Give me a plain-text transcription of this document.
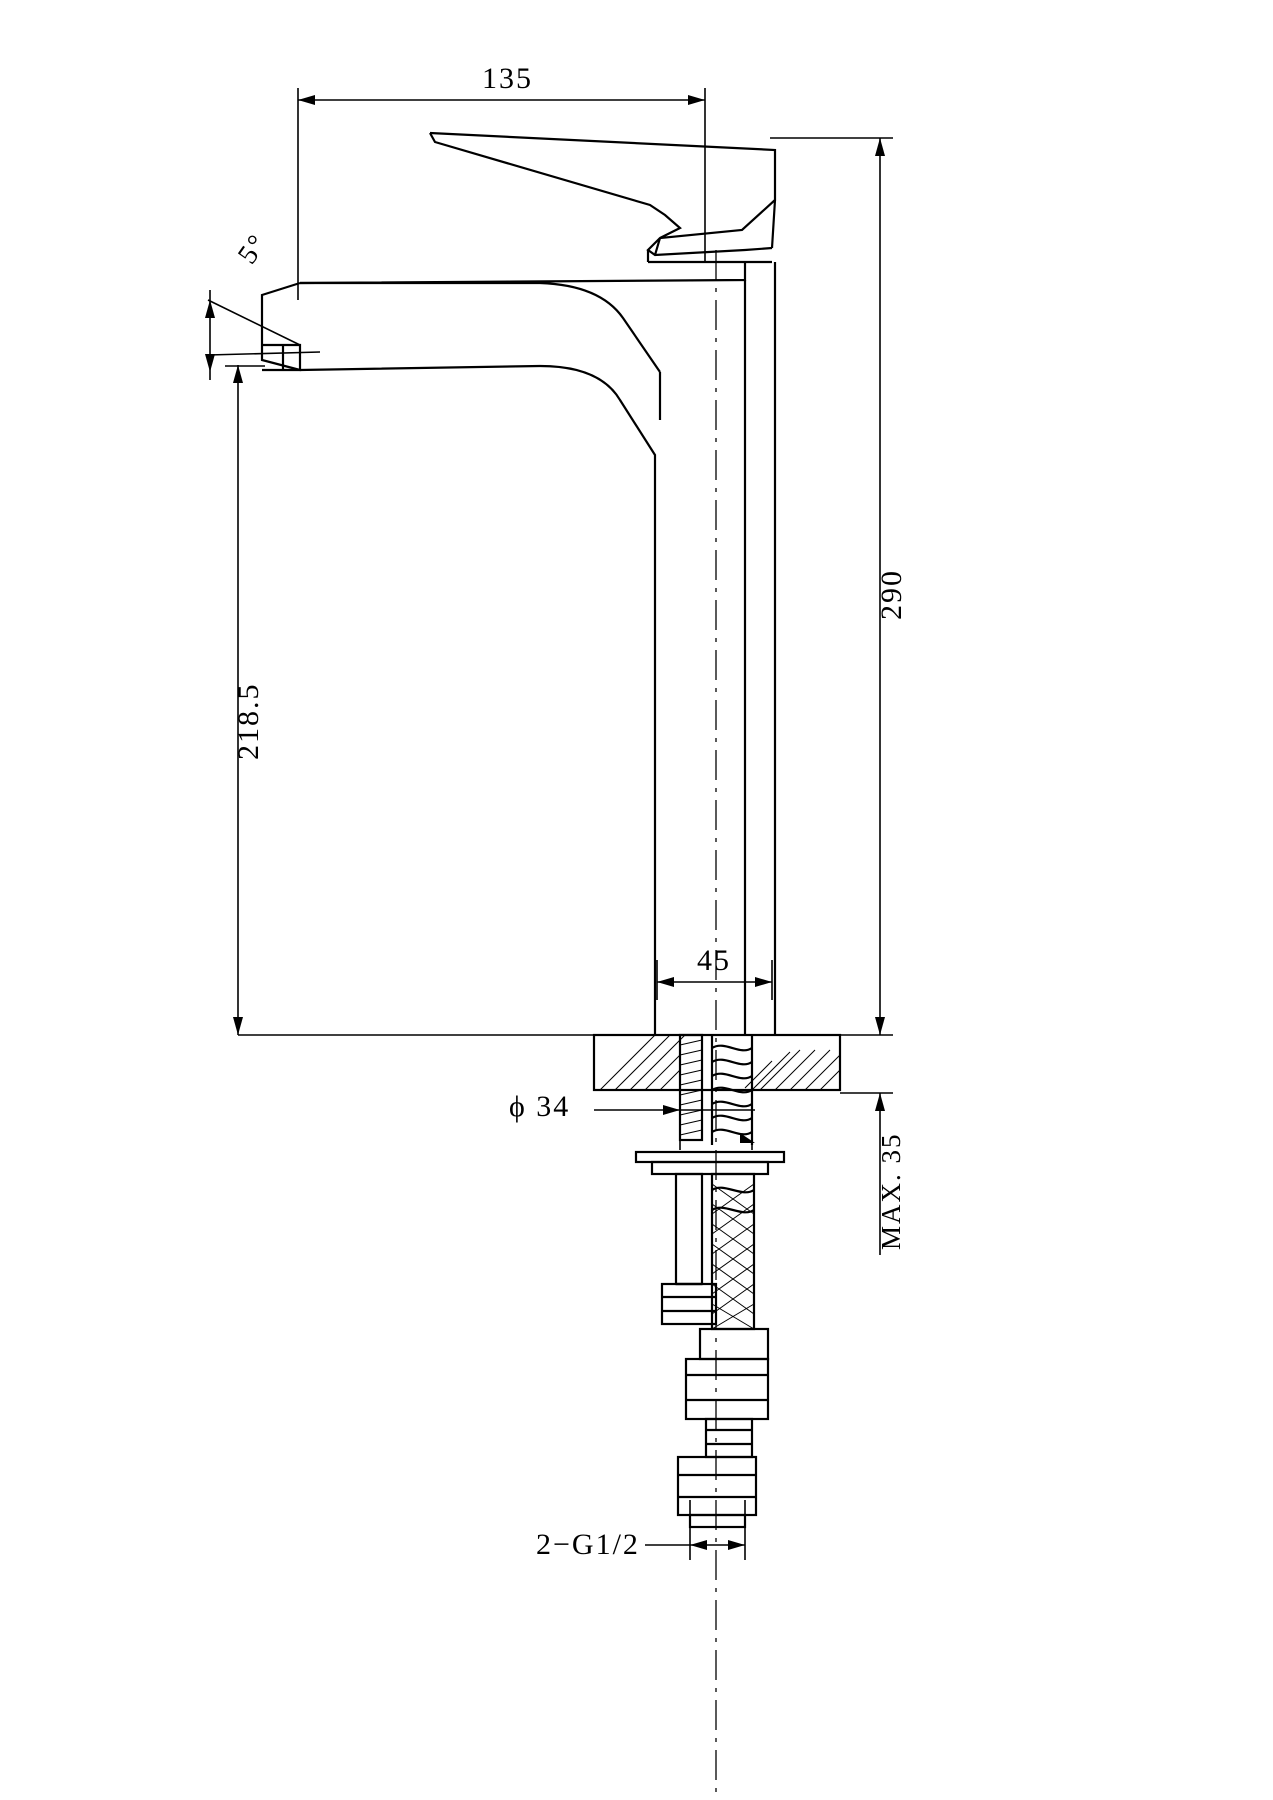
135
290
218.5
45
ϕ 34
MAX. 35
2−G1/2
5°
